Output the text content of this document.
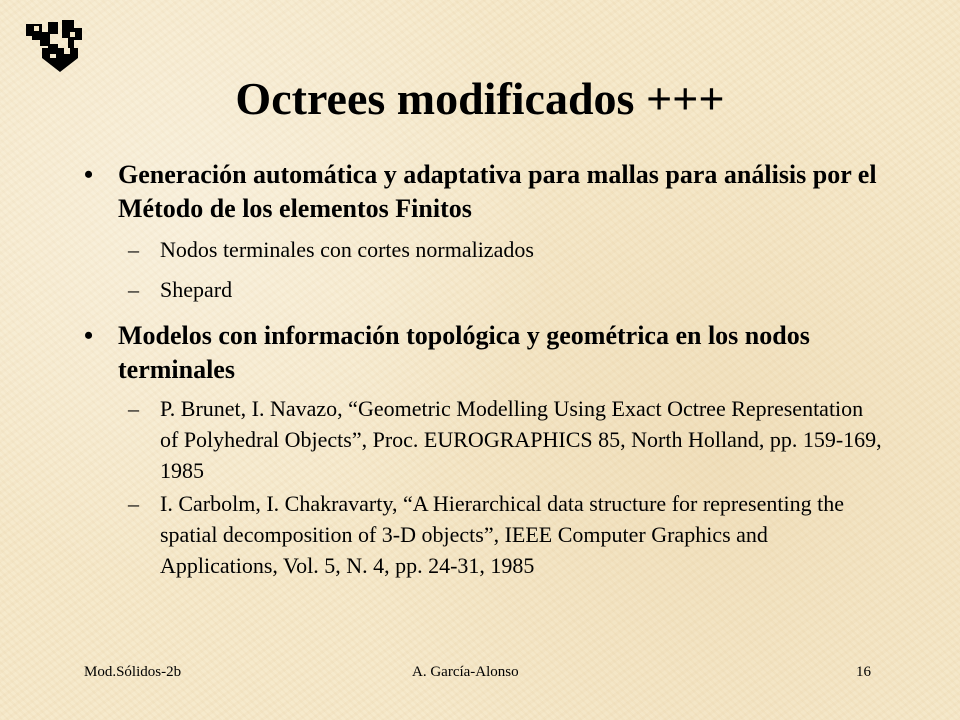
Octrees modificados +++
• Generación automática y adaptativa para mallas para análisis por el Método de los elementos Finitos
– Nodos terminales con cortes normalizados
– Shepard
• Modelos con información topológica y geométrica en los nodos terminales
– P. Brunet, I. Navazo, “Geometric Modelling Using Exact Octree Representation of Polyhedral Objects”, Proc. EUROGRAPHICS 85, North Holland, pp. 159-169, 1985
– I. Carbolm, I. Chakravarty, “A Hierarchical data structure for representing the spatial decomposition of 3-D objects”, IEEE Computer Graphics and Applications, Vol. 5, N. 4, pp. 24-31, 1985
Mod.Sólidos-2b	A. García-Alonso	16
